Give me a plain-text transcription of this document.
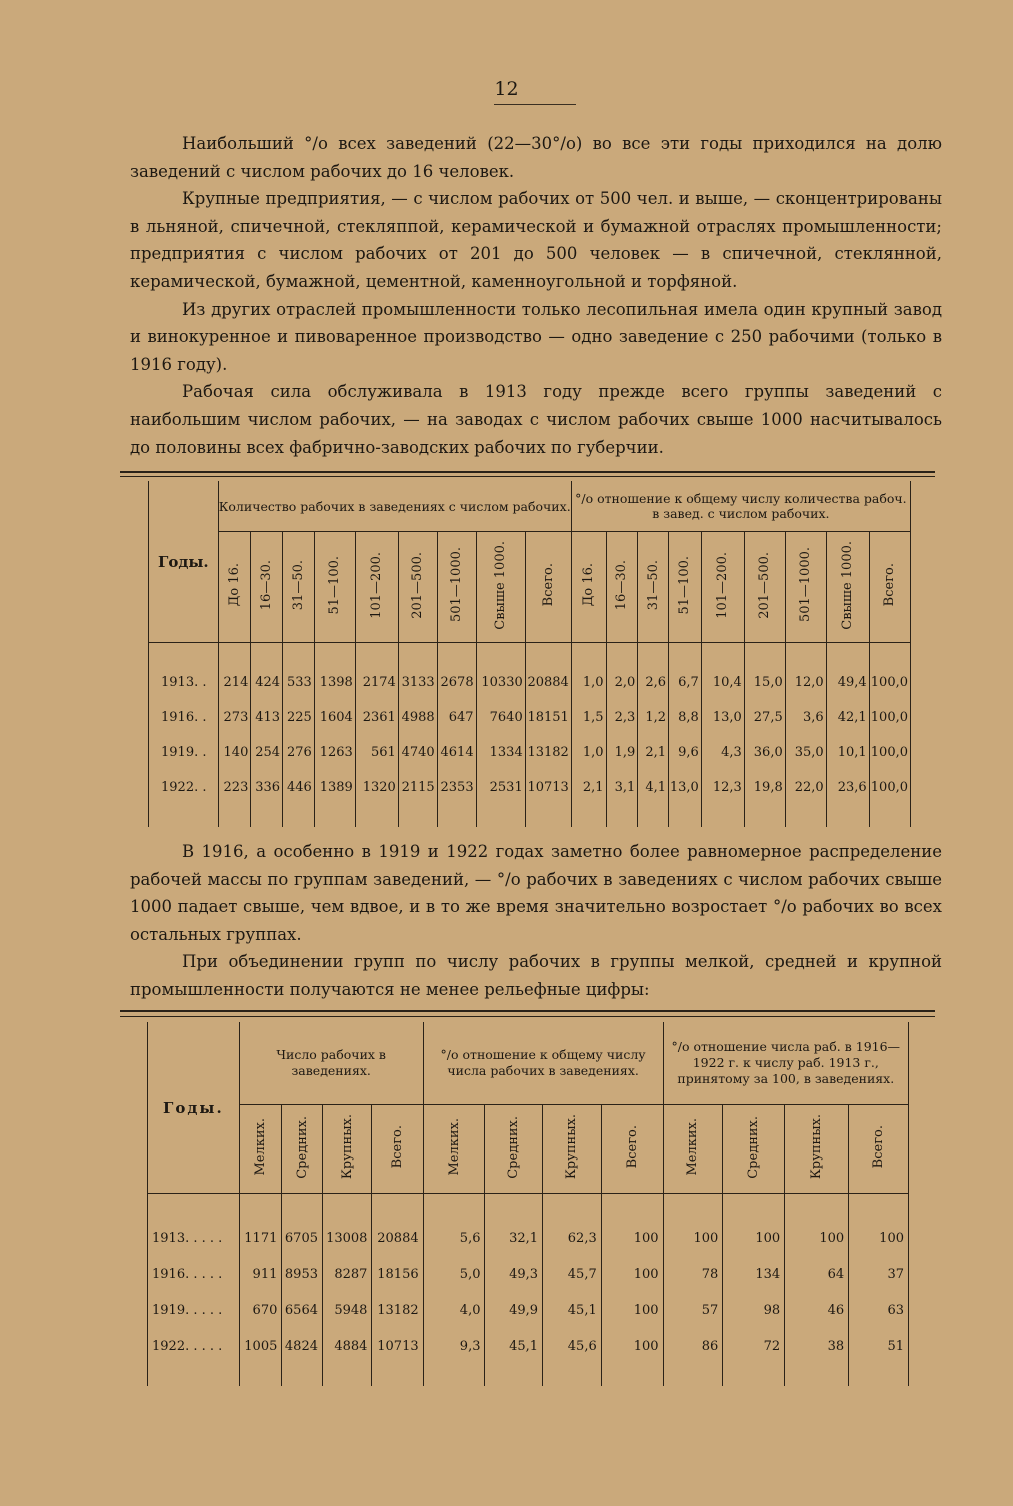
12

Наибольший °/о всех заведений (22—30°/о) во все эти годы приходился на долю заведений с числом рабочих до 16 человек.

Крупные предприятия, — с числом рабочих от 500 чел. и выше, — сконцентрированы в льняной, спичечной, стекляппой, керамической и бумажной отраслях промышленности; предприятия с числом рабочих от 201 до 500 человек — в спичечной, стеклянной, керамической, бумажной, цементной, каменноугольной и торфяной.

Из других отраслей промышленности только лесопильная имела один крупный завод и винокуренное и пивоваренное производство — одно заведение с 250 рабочими (только в 1916 году).

Рабочая сила обслуживала в 1913 году прежде всего группы заведений с наибольшим числом рабочих, — на заводах с числом рабочих свыше 1000 насчитывалось до половины всех фабрично-заводских рабочих по губерчии.

Годы.	Количество рабочих в заведениях с числом рабочих.									°/о отношение к общему числу количества рабоч. в завед. с числом рабочих.								
	До 16.	16—30.	31—50.	51—100.	101—200.	201—500.	501—1000.	Свыше 1000.	Всего.	До 16.	16—30.	31—50.	51—100.	101—200.	201—500.	501—1000.	Свыше 1000.	Всего.

1913. .	214	424	533	1398	2174	3133	2678	10330	20884	1,0	2,0	2,6	6,7	10,4	15,0	12,0	49,4	100,0
1916. .	273	413	225	1604	2361	4988	647	7640	18151	1,5	2,3	1,2	8,8	13,0	27,5	3,6	42,1	100,0
1919. .	140	254	276	1263	561	4740	4614	1334	13182	1,0	1,9	2,1	9,6	4,3	36,0	35,0	10,1	100,0
1922. .	223	336	446	1389	1320	2115	2353	2531	10713	2,1	3,1	4,1	13,0	12,3	19,8	22,0	23,6	100,0

В 1916, а особенно в 1919 и 1922 годах заметно более равномерное распределение рабочей массы по группам заведений, — °/о рабочих в заведениях с числом рабочих свыше 1000 падает свыше, чем вдвое, и в то же время значительно возростает °/о рабочих во всех остальных группах.

При объединении групп по числу рабочих в группы мелкой, средней и крупной промышленности получаются не менее рельефные цифры:

Годы.	Число рабочих в заведениях.				°/о отношение к общему числу числа рабочих в заведениях.				°/о отношение числа раб. в 1916—1922 г. к числу раб. 1913 г., принятому за 100, в заведениях.			
	Мелких.	Средних.	Крупных.	Всего.	Мелких.	Средних.	Крупных.	Всего.	Мелких.	Средних.	Крупных.	Всего.

1913. . . . .	1171	6705	13008	20884	5,6	32,1	62,3	100	100	100	100	100
1916. . . . .	911	8953	8287	18156	5,0	49,3	45,7	100	78	134	64	37
1919. . . . .	670	6564	5948	13182	4,0	49,9	45,1	100	57	98	46	63
1922. . . . .	1005	4824	4884	10713	9,3	45,1	45,6	100	86	72	38	51
